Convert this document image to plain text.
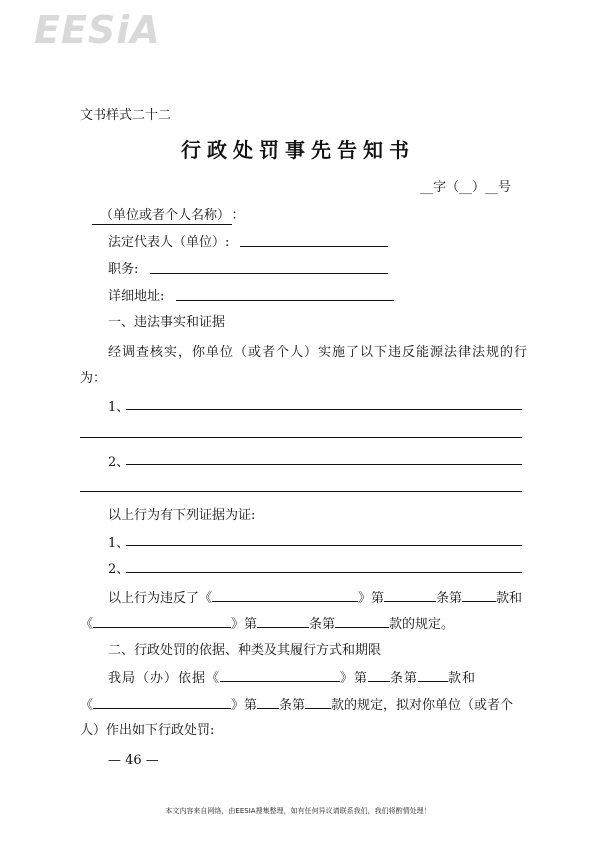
EESiA
文书样式二十二
行政处罚事先告知书
__字（__）__号
（单位或者个人名称） ：
法定代表人（单位）:
职务:
详细地址:
一、违法事实和证据
经调查核实，你单位（或者个人）实施了以下违反能源法律法规的行
为：
1、
2、
以上行为有下列证据为证:
1、
2、
以上行为违反了《	》第	条第	款和
《	》第	条第	款的规定。
二、行政处罚的依据、种类及其履行方式和期限
我局（办）依据《	》第 条第 款和
《	》第 条第 款的规定，拟对你单位（或者个
人）作出如下行政处罚:
— 46 —
本文内容来自网络，由EESIA搜集整理，如有任何异议请联系我们，我们将酌情处理！
